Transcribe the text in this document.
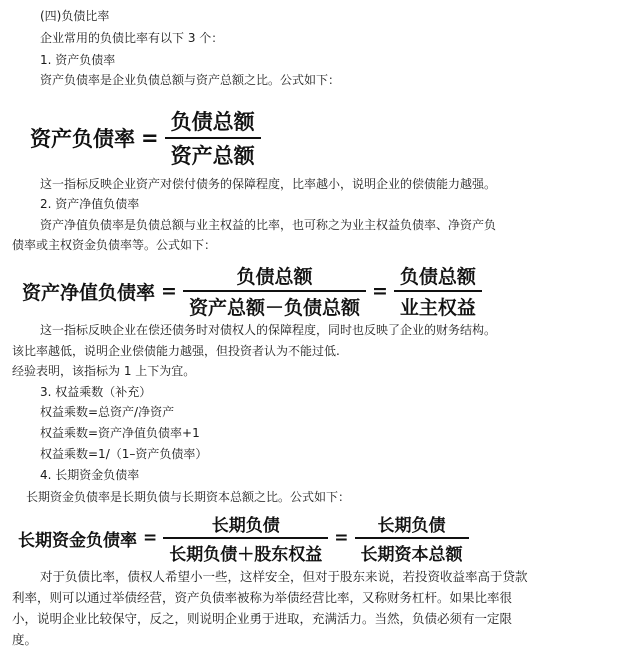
(四)负债比率
企业常用的负债比率有以下 3 个：
1. 资产负债率
资产负债率是企业负债总额与资产总额之比。公式如下：
资产负债率 = $\frac{\text{负债总额}}{\text{资产总额}}$
这一指标反映企业资产对偿付债务的保障程度，比率越小，说明企业的偿债能力越强。
2. 资产净值负债率
资产净值负债率是负债总额与业主权益的比率，也可称之为业主权益负债率、净资产负
债率或主权资金负债率等。公式如下：
资产净值负债率 = $\frac{\text{负债总额}}{\text{资产总额－负债总额}} = \frac{\text{负债总额}}{\text{业主权益}}$
这一指标反映企业在偿还债务时对债权人的保障程度，同时也反映了企业的财务结构。
该比率越低，说明企业偿债能力越强，但投资者认为不能过低.
经验表明，该指标为 1 上下为宜。
3. 权益乘数（补充）
权益乘数=总资产/净资产
权益乘数=资产净值负债率+1
权益乘数=1/（1–资产负债率）
4. 长期资金负债率
长期资金负债率是长期负债与长期资本总额之比。公式如下：
长期资金负债率 = $\frac{\text{长期负债}}{\text{长期负债＋股东权益}} = \frac{\text{长期负债}}{\text{长期资本总额}}$
对于负债比率，债权人希望小一些，这样安全，但对于股东来说，若投资收益率高于贷款
利率，则可以通过举债经营，资产负债率被称为举债经营比率，又称财务杠杆。如果比率很
小，说明企业比较保守，反之，则说明企业勇于进取，充满活力。当然，负债必须有一定限
度。
